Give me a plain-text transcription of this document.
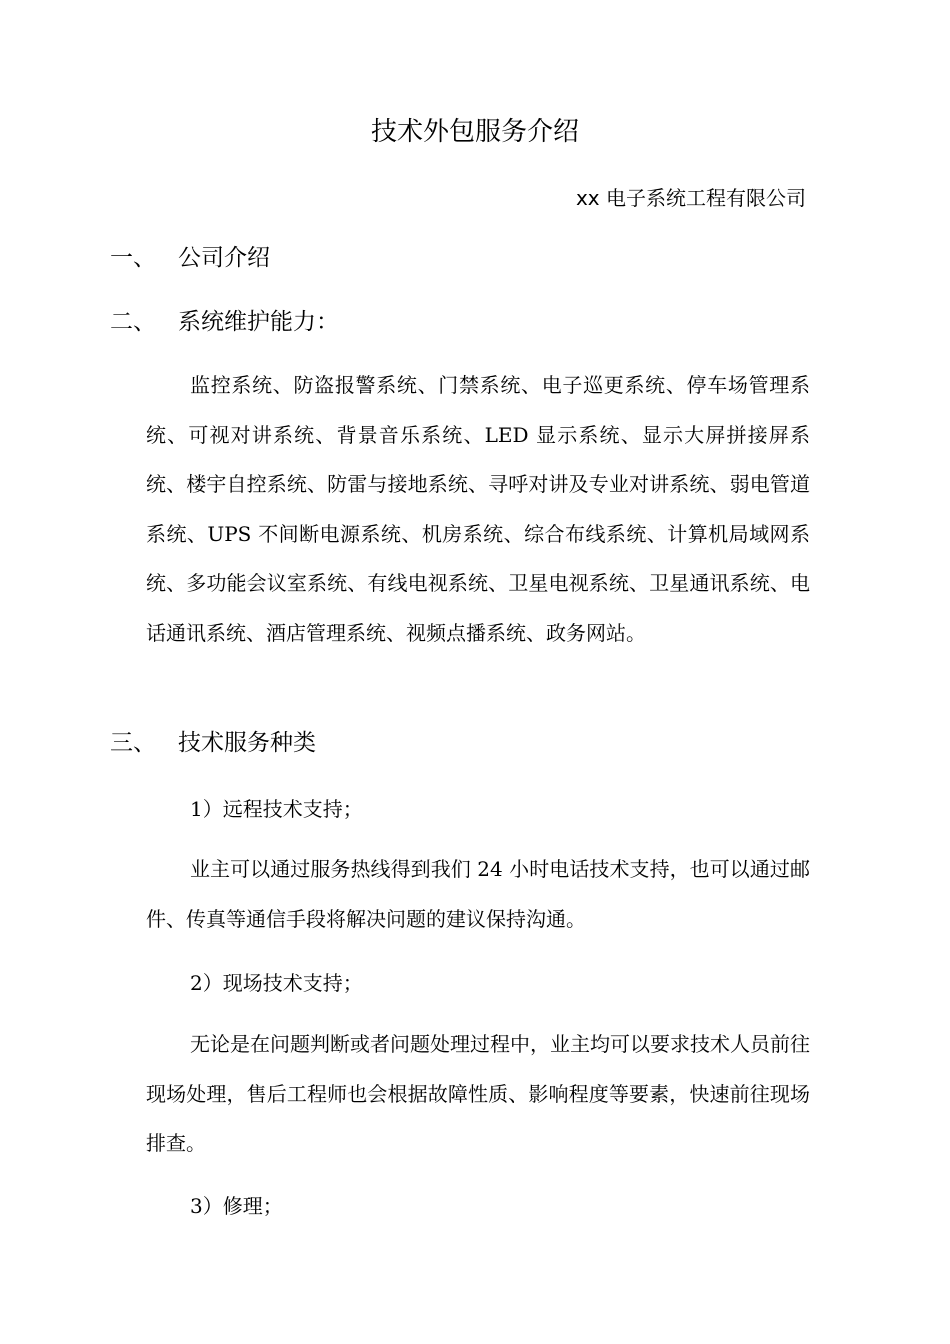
技术外包服务介绍
xx 电子系统工程有限公司
一、 公司介绍
二、 系统维护能力：

监控系统、防盗报警系统、门禁系统、电子巡更系统、停车场管理系统、可视对讲系统、背景音乐系统、LED 显示系统、显示大屏拼接屏系统、楼宇自控系统、防雷与接地系统、寻呼对讲及专业对讲系统、弱电管道系统、UPS 不间断电源系统、机房系统、综合布线系统、计算机局域网系统、多功能会议室系统、有线电视系统、卫星电视系统、卫星通讯系统、电话通讯系统、酒店管理系统、视频点播系统、政务网站。

三、 技术服务种类
1）远程技术支持；

业主可以通过服务热线得到我们 24 小时电话技术支持，也可以通过邮件、传真等通信手段将解决问题的建议保持沟通。

2）现场技术支持；

无论是在问题判断或者问题处理过程中，业主均可以要求技术人员前往现场处理，售后工程师也会根据故障性质、影响程度等要素，快速前往现场排查。

3）修理；
